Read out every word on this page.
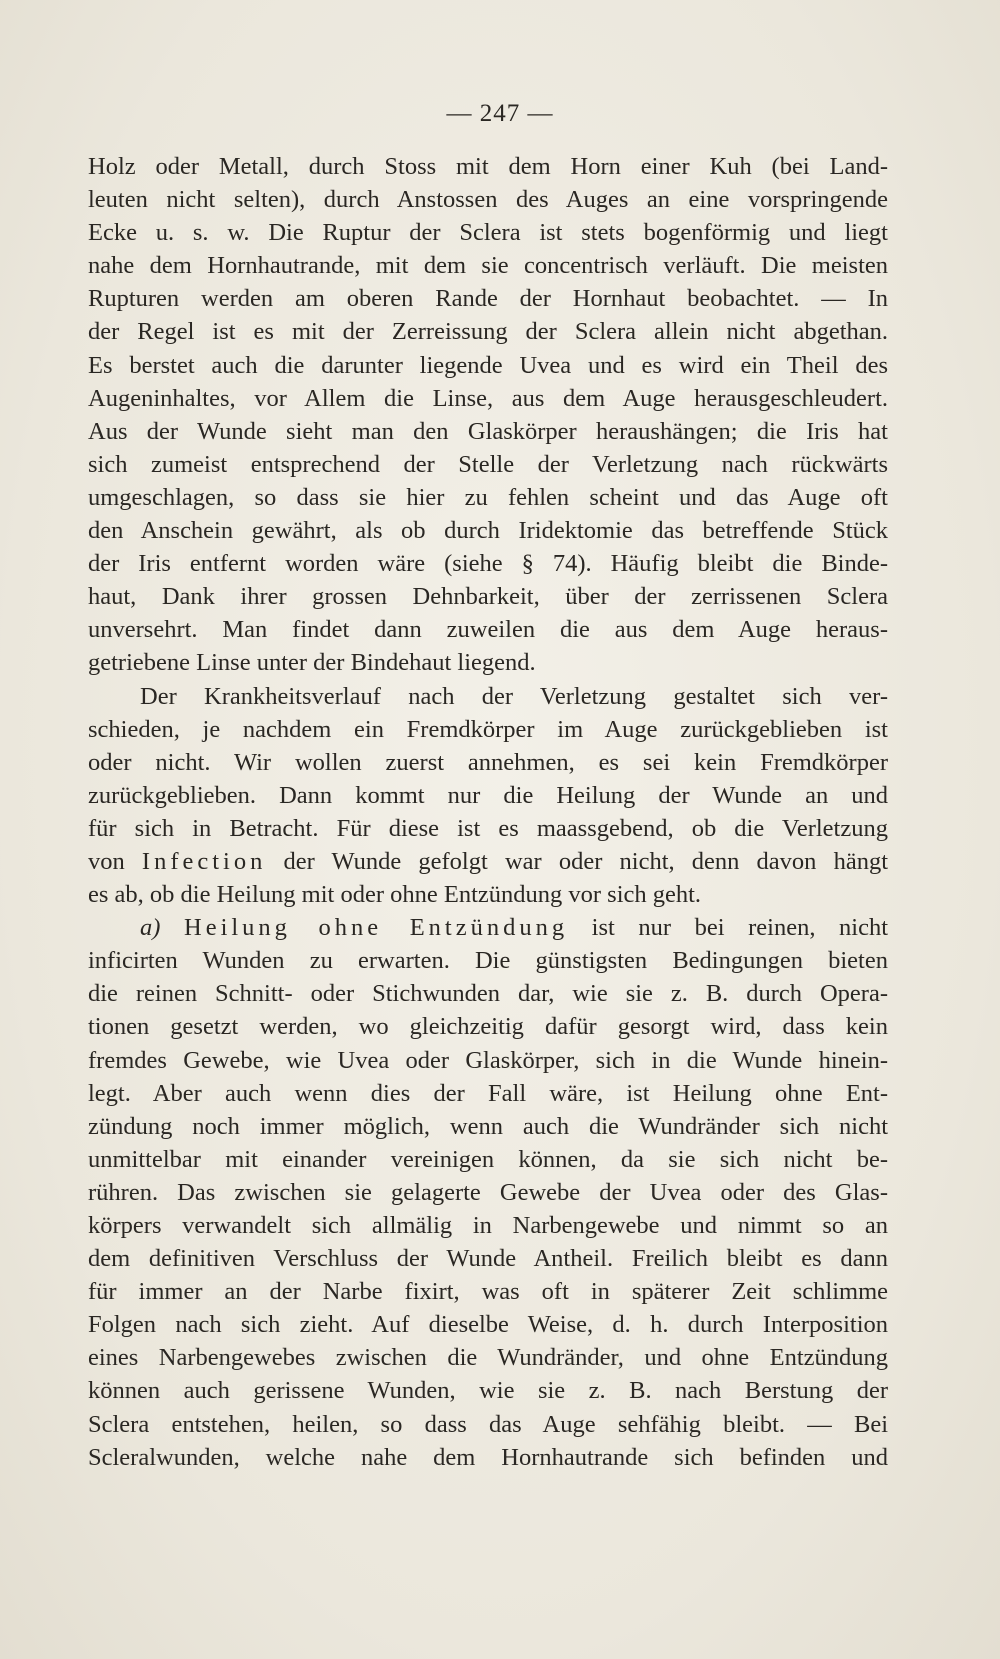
— 247 —
Holz oder Metall, durch Stoss mit dem Horn einer Kuh (bei Land-
leuten nicht selten), durch Anstossen des Auges an eine vorspringende
Ecke u. s. w. Die Ruptur der Sclera ist stets bogenförmig und liegt
nahe dem Hornhautrande, mit dem sie concentrisch verläuft. Die meisten
Rupturen werden am oberen Rande der Hornhaut beobachtet. — In
der Regel ist es mit der Zerreissung der Sclera allein nicht abgethan.
Es berstet auch die darunter liegende Uvea und es wird ein Theil des
Augeninhaltes, vor Allem die Linse, aus dem Auge herausgeschleudert.
Aus der Wunde sieht man den Glaskörper heraushängen; die Iris hat
sich zumeist entsprechend der Stelle der Verletzung nach rückwärts
umgeschlagen, so dass sie hier zu fehlen scheint und das Auge oft
den Anschein gewährt, als ob durch Iridektomie das betreffende Stück
der Iris entfernt worden wäre (siehe § 74). Häufig bleibt die Binde-
haut, Dank ihrer grossen Dehnbarkeit, über der zerrissenen Sclera
unversehrt. Man findet dann zuweilen die aus dem Auge heraus-
getriebene Linse unter der Bindehaut liegend.
Der Krankheitsverlauf nach der Verletzung gestaltet sich ver-
schieden, je nachdem ein Fremdkörper im Auge zurückgeblieben ist
oder nicht. Wir wollen zuerst annehmen, es sei kein Fremdkörper
zurückgeblieben. Dann kommt nur die Heilung der Wunde an und
für sich in Betracht. Für diese ist es maassgebend, ob die Verletzung
von Infection der Wunde gefolgt war oder nicht, denn davon hängt
es ab, ob die Heilung mit oder ohne Entzündung vor sich geht.
a) Heilung ohne Entzündung ist nur bei reinen, nicht
inficirten Wunden zu erwarten. Die günstigsten Bedingungen bieten
die reinen Schnitt- oder Stichwunden dar, wie sie z. B. durch Opera-
tionen gesetzt werden, wo gleichzeitig dafür gesorgt wird, dass kein
fremdes Gewebe, wie Uvea oder Glaskörper, sich in die Wunde hinein-
legt. Aber auch wenn dies der Fall wäre, ist Heilung ohne Ent-
zündung noch immer möglich, wenn auch die Wundränder sich nicht
unmittelbar mit einander vereinigen können, da sie sich nicht be-
rühren. Das zwischen sie gelagerte Gewebe der Uvea oder des Glas-
körpers verwandelt sich allmälig in Narbengewebe und nimmt so an
dem definitiven Verschluss der Wunde Antheil. Freilich bleibt es dann
für immer an der Narbe fixirt, was oft in späterer Zeit schlimme
Folgen nach sich zieht. Auf dieselbe Weise, d. h. durch Interposition
eines Narbengewebes zwischen die Wundränder, und ohne Entzündung
können auch gerissene Wunden, wie sie z. B. nach Berstung der
Sclera entstehen, heilen, so dass das Auge sehfähig bleibt. — Bei
Scleralwunden, welche nahe dem Hornhautrande sich befinden und
